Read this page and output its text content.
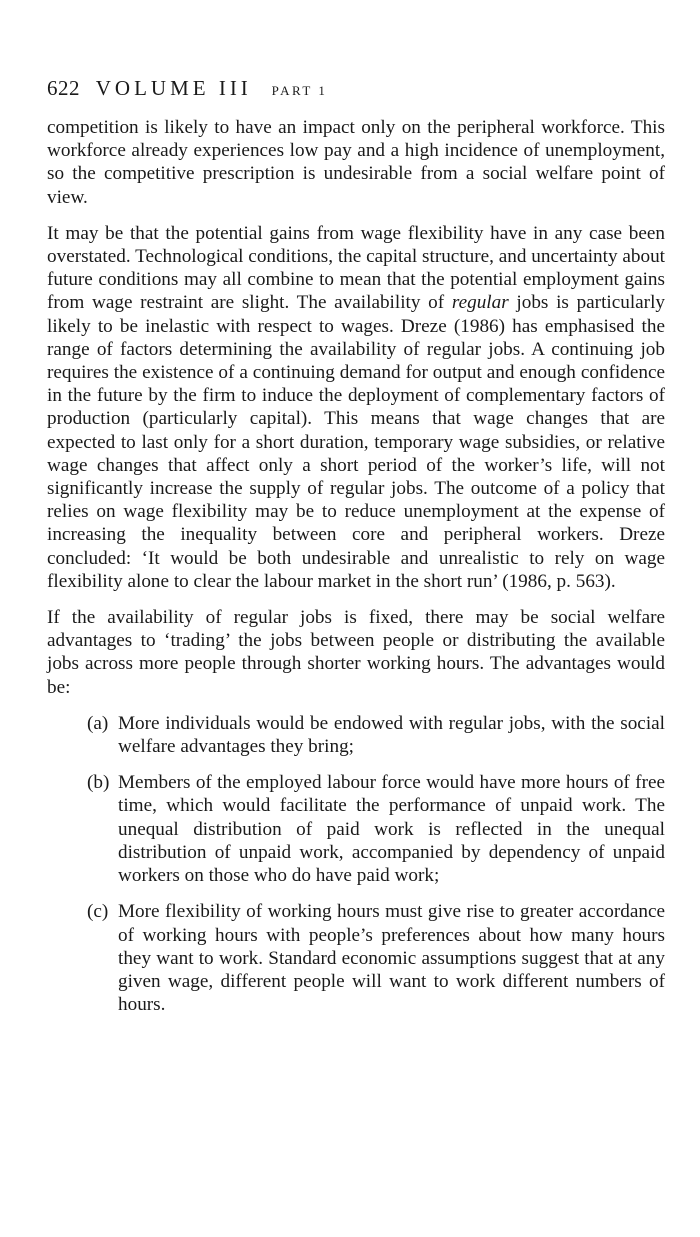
622 VOLUME III PART 1

competition is likely to have an impact only on the peripheral workforce. This workforce already experiences low pay and a high incidence of unemployment, so the competitive prescription is undesirable from a social welfare point of view.

It may be that the potential gains from wage flexibility have in any case been overstated. Technological conditions, the capital structure, and uncertainty about future conditions may all combine to mean that the potential employment gains from wage restraint are slight. The availability of regular jobs is particularly likely to be inelastic with respect to wages. Dreze (1986) has emphasised the range of factors determining the availability of regular jobs. A continuing job requires the existence of a continuing demand for output and enough confidence in the future by the firm to induce the deployment of complementary factors of production (particularly capital). This means that wage changes that are expected to last only for a short duration, temporary wage subsidies, or relative wage changes that affect only a short period of the worker’s life, will not significantly increase the supply of regular jobs. The outcome of a policy that relies on wage flexibility may be to reduce unemployment at the expense of increasing the inequality between core and peripheral workers. Dreze concluded: ‘It would be both undesirable and unrealistic to rely on wage flexibility alone to clear the labour market in the short run’ (1986, p. 563).

If the availability of regular jobs is fixed, there may be social welfare advantages to ‘trading’ the jobs between people or distributing the available jobs across more people through shorter working hours. The advantages would be:

(a) More individuals would be endowed with regular jobs, with the social welfare advantages they bring;
(b) Members of the employed labour force would have more hours of free time, which would facilitate the performance of unpaid work. The unequal distribution of paid work is reflected in the unequal distribution of unpaid work, accompanied by dependency of unpaid workers on those who do have paid work;
(c) More flexibility of working hours must give rise to greater accordance of working hours with people’s preferences about how many hours they want to work. Standard economic assumptions suggest that at any given wage, different people will want to work different numbers of hours.
